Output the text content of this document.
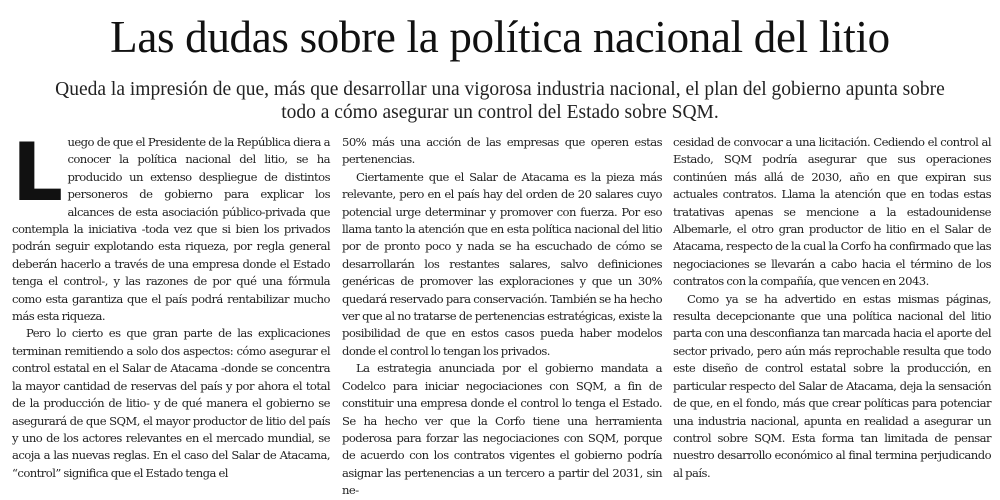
Las dudas sobre la política nacional del litio

Queda la impresión de que, más que desarrollar una vigorosa industria nacional, el plan del gobierno apunta sobre todo a cómo asegurar un control del Estado sobre SQM.

L uego de que el Presidente de la República diera a conocer la política nacional del litio, se ha producido un extenso despliegue de distintos personeros de gobierno para explicar los alcances de esta asociación público-privada que contempla la iniciativa -toda vez que si bien los privados podrán seguir explotando esta riqueza, por regla general deberán hacerlo a través de una empresa donde el Estado tenga el control-, y las razones de por qué una fórmula como esta garantiza que el país podrá rentabilizar mucho más esta riqueza.

Pero lo cierto es que gran parte de las explicaciones terminan remitiendo a solo dos aspectos: cómo asegurar el control estatal en el Salar de Atacama -donde se concentra la mayor cantidad de reservas del país y por ahora el total de la producción de litio- y de qué manera el gobierno se asegurará de que SQM, el mayor productor de litio del país y uno de los actores relevantes en el mercado mundial, se acoja a las nuevas reglas. En el caso del Salar de Atacama, “control” significa que el Estado tenga el

50% más una acción de las empresas que operen estas pertenencias.

Ciertamente que el Salar de Atacama es la pieza más relevante, pero en el país hay del orden de 20 salares cuyo potencial urge determinar y promover con fuerza. Por eso llama tanto la atención que en esta política nacional del litio por de pronto poco y nada se ha escuchado de cómo se desarrollarán los restantes salares, salvo definiciones genéricas de promover las exploraciones y que un 30% quedará reservado para conservación. También se ha hecho ver que al no tratarse de pertenencias estratégicas, existe la posibilidad de que en estos casos pueda haber modelos donde el control lo tengan los privados.

La estrategia anunciada por el gobierno mandata a Codelco para iniciar negociaciones con SQM, a fin de constituir una empresa donde el control lo tenga el Estado. Se ha hecho ver que la Corfo tiene una herramienta poderosa para forzar las negociaciones con SQM, porque de acuerdo con los contratos vigentes el gobierno podría asignar las pertenencias a un tercero a partir del 2031, sin ne-

cesidad de convocar a una licitación. Cediendo el control al Estado, SQM podría asegurar que sus operaciones continúen más allá de 2030, año en que expiran sus actuales contratos. Llama la atención que en todas estas tratativas apenas se mencione a la estadounidense Albemarle, el otro gran productor de litio en el Salar de Atacama, respecto de la cual la Corfo ha confirmado que las negociaciones se llevarán a cabo hacia el término de los contratos con la compañía, que vencen en 2043.

Como ya se ha advertido en estas mismas páginas, resulta decepcionante que una política nacional del litio parta con una desconfianza tan marcada hacia el aporte del sector privado, pero aún más reprochable resulta que todo este diseño de control estatal sobre la producción, en particular respecto del Salar de Atacama, deja la sensación de que, en el fondo, más que crear políticas para potenciar una industria nacional, apunta en realidad a asegurar un control sobre SQM. Esta forma tan limitada de pensar nuestro desarrollo económico al final termina perjudicando al país.
